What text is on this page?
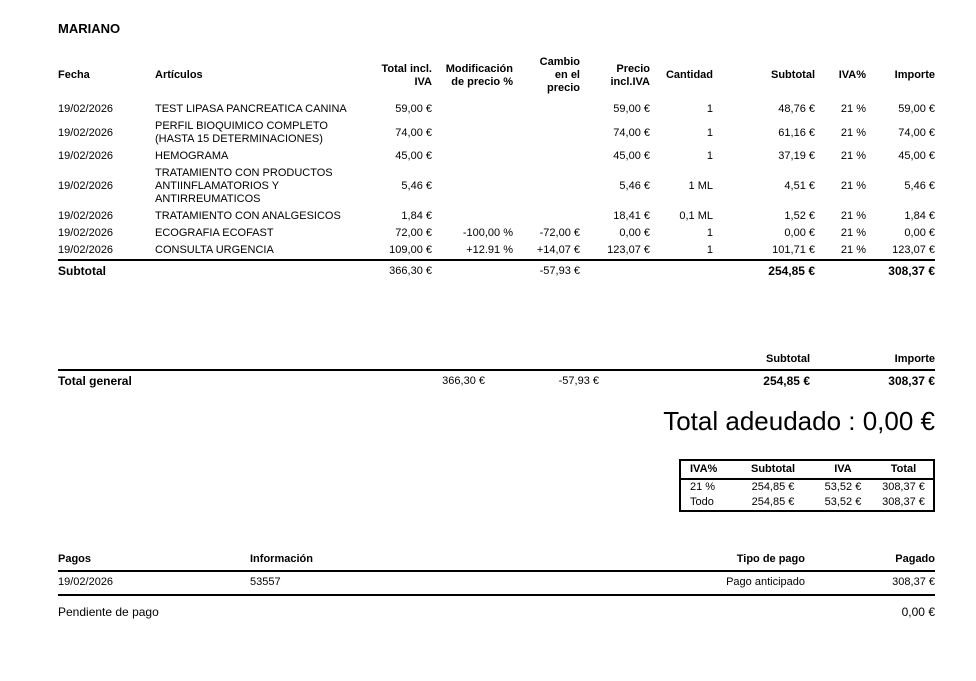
MARIANO
Fecha	Artículos	Total incl. IVA	Modificación de precio %	Cambio en el precio	Precio incl.IVA	Cantidad	Subtotal	IVA%	Importe
19/02/2026	TEST LIPASA PANCREATICA CANINA	59,00 €			59,00 €	1	48,76 €	21 %	59,00 €
19/02/2026	PERFIL BIOQUIMICO COMPLETO (HASTA 15 DETERMINACIONES)	74,00 €			74,00 €	1	61,16 €	21 %	74,00 €
19/02/2026	HEMOGRAMA	45,00 €			45,00 €	1	37,19 €	21 %	45,00 €
19/02/2026	TRATAMIENTO CON PRODUCTOS ANTIINFLAMATORIOS Y ANTIRREUMATICOS	5,46 €			5,46 €	1 ML	4,51 €	21 %	5,46 €
19/02/2026	TRATAMIENTO CON ANALGESICOS	1,84 €			18,41 €	0,1 ML	1,52 €	21 %	1,84 €
19/02/2026	ECOGRAFIA ECOFAST	72,00 €	-100,00 %	-72,00 €	0,00 €	1	0,00 €	21 %	0,00 €
19/02/2026	CONSULTA URGENCIA	109,00 €	+12.91 %	+14,07 €	123,07 €	1	101,71 €	21 %	123,07 €
Subtotal		366,30 €		-57,93 €			254,85 €		308,37 €
			Subtotal	Importe
Total general	366,30 €	-57,93 €	254,85 €	308,37 €
Total adeudado : 0,00 €
IVA%	Subtotal	IVA	Total
21 %	254,85 €	53,52 €	308,37 €
Todo	254,85 €	53,52 €	308,37 €
Pagos	Información	Tipo de pago	Pagado
19/02/2026	53557	Pago anticipado	308,37 €
Pendiente de pago	0,00 €
